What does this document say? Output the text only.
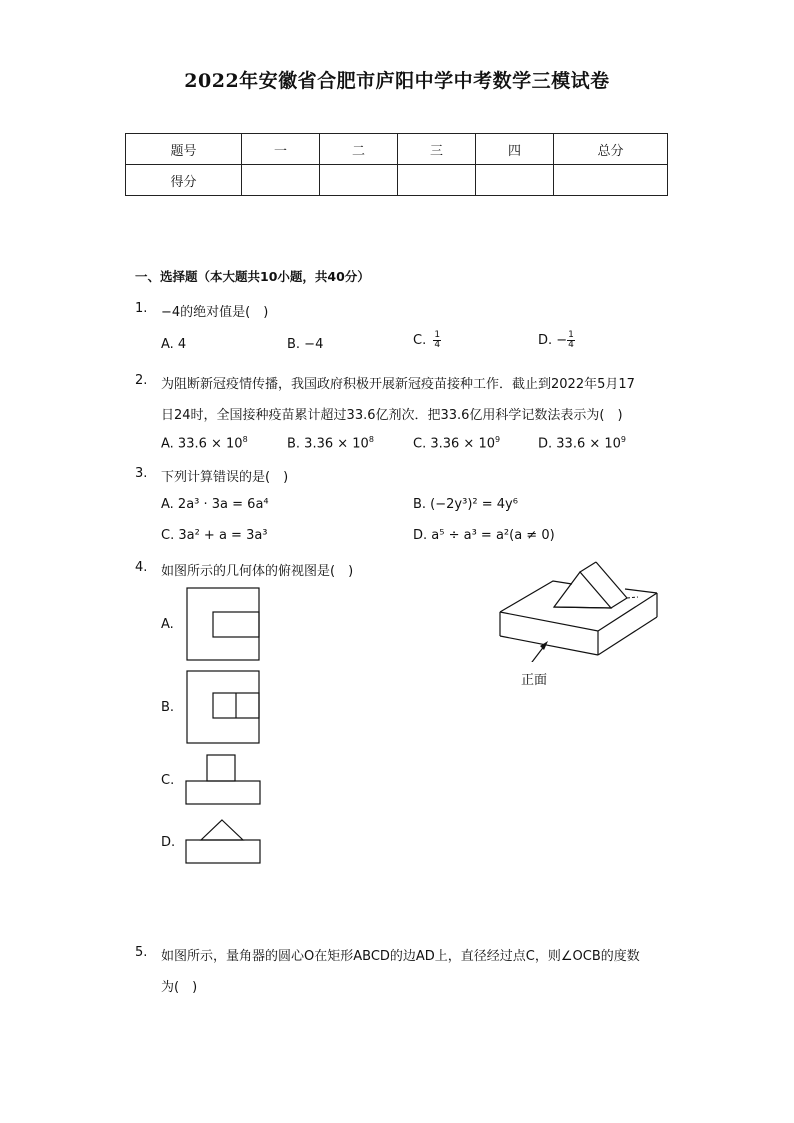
2022年安徽省合肥市庐阳中学中考数学三模试卷
题号	一	二	三	四	总分
得分					
一、选择题（本大题共10小题，共40分）
1. −4的绝对值是(　)
A. 4	B. −4	C. $\frac{1}{4}$	D. − $\frac{1}{4}$
2. 为阻断新冠疫情传播，我国政府积极开展新冠疫苗接种工作．截止到2022年5月17
日24时，全国接种疫苗累计超过33.6亿剂次．把33.6亿用科学记数法表示为(　)
A. $33.6 \times 10^8$	B. $3.36 \times 10^8$	C. $3.36 \times 10^9$	D. $33.6 \times 10^9$
3. 下列计算错误的是(　)
A. 2a³ · 3a = 6a⁴	B. (−2y³)² = 4y⁶
C. 3a² + a = 3a³	D. a⁵ ÷ a³ = a²(a ≠ 0)
4. 如图所示的几何体的俯视图是(　)
A.
B.
C.
D.
正面
5. 如图所示，量角器的圆心O在矩形ABCD的边AD上，直径经过点C，则∠OCB的度数
为(　)
